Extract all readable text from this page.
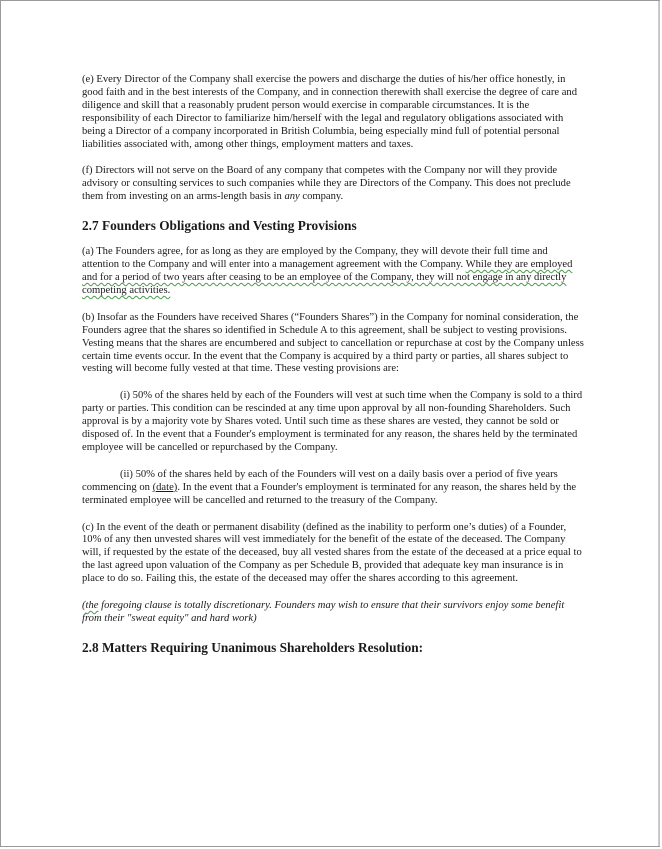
(e) Every Director of the Company shall exercise the powers and discharge the duties of his/her office honestly, in good faith and in the best interests of the Company, and in connection therewith shall exercise the degree of care and diligence and skill that a reasonably prudent person would exercise in comparable circumstances. It is the responsibility of each Director to familiarize him/herself with the legal and regulatory obligations associated with being a Director of a company incorporated in British Columbia, being especially mind full of potential personal liabilities associated with, among other things, employment matters and taxes.

(f) Directors will not serve on the Board of any company that competes with the Company nor will they provide advisory or consulting services to such companies while they are Directors of the Company. This does not preclude them from investing on an arms-length basis in any company.

2.7 Founders Obligations and Vesting Provisions

(a) The Founders agree, for as long as they are employed by the Company, they will devote their full time and attention to the Company and will enter into a management agreement with the Company. While they are employed and for a period of two years after ceasing to be an employee of the Company, they will not engage in any directly competing activities.

(b) Insofar as the Founders have received Shares (“Founders Shares”) in the Company for nominal consideration, the Founders agree that the shares so identified in Schedule A to this agreement, shall be subject to vesting provisions. Vesting means that the shares are encumbered and subject to cancellation or repurchase at cost by the Company unless certain time events occur. In the event that the Company is acquired by a third party or parties, all shares subject to vesting will become fully vested at that time. These vesting provisions are:

(i) 50% of the shares held by each of the Founders will vest at such time when the Company is sold to a third party or parties. This condition can be rescinded at any time upon approval by all non-founding Shareholders. Such approval is by a majority vote by Shares voted. Until such time as these shares are vested, they cannot be sold or disposed of. In the event that a Founder's employment is terminated for any reason, the shares held by the terminated employee will be cancelled or repurchased by the Company.

(ii) 50% of the shares held by each of the Founders will vest on a daily basis over a period of five years commencing on (date). In the event that a Founder's employment is terminated for any reason, the shares held by the terminated employee will be cancelled and returned to the treasury of the Company.

(c) In the event of the death or permanent disability (defined as the inability to perform one’s duties) of a Founder, 10% of any then unvested shares will vest immediately for the benefit of the estate of the deceased. The Company will, if requested by the estate of the deceased, buy all vested shares from the estate of the deceased at a price equal to the last agreed upon valuation of the Company as per Schedule B, provided that adequate key man insurance is in place to do so. Failing this, the estate of the deceased may offer the shares according to this agreement.

(the foregoing clause is totally discretionary. Founders may wish to ensure that their survivors enjoy some benefit from their "sweat equity" and hard work)

2.8 Matters Requiring Unanimous Shareholders Resolution:
